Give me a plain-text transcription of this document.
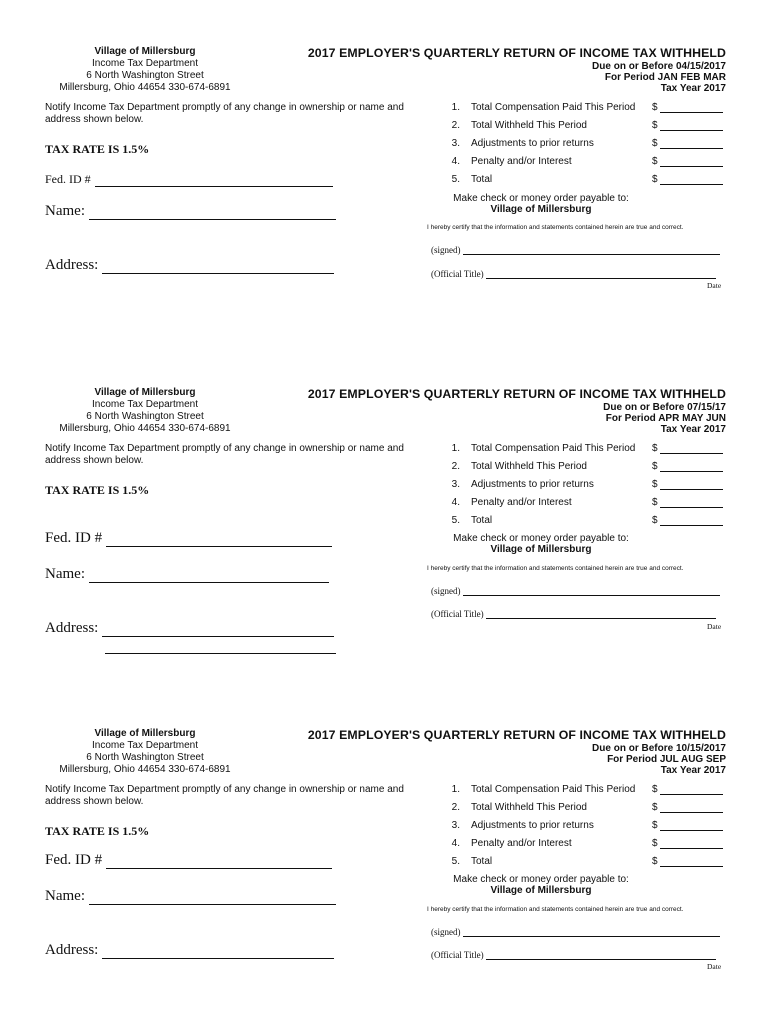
Village of Millersburg
Income Tax Department
6 North Washington Street
Millersburg, Ohio 44654 330-674-6891
2017 EMPLOYER'S QUARTERLY RETURN OF INCOME TAX WITHHELD
Due on or Before 04/15/2017
For Period JAN FEB MAR
Tax Year 2017
Notify Income Tax Department promptly of any change in ownership or name and address shown below.
TAX RATE IS 1.5%
Fed. ID #
Name:
Address:
1. Total Compensation Paid This Period $
2. Total Withheld This Period	$
3. Adjustments to prior returns	$
4. Penalty and/or Interest	$
5. Total	$
Make check or money order payable to:
Village of Millersburg
I hereby certify that the information and statements contained herein are true and correct.
(signed)
(Official Title)
Date
Village of Millersburg
Income Tax Department
6 North Washington Street
Millersburg, Ohio 44654 330-674-6891
2017 EMPLOYER'S QUARTERLY RETURN OF INCOME TAX WITHHELD
Due on or Before 07/15/17
For Period APR MAY JUN
Tax Year 2017
Notify Income Tax Department promptly of any change in ownership or name and address shown below.
TAX RATE IS 1.5%
Fed. ID #
Name:
Address:
1. Total Compensation Paid This Period $
2. Total Withheld This Period	$
3. Adjustments to prior returns	$
4. Penalty and/or Interest	$
5. Total	$
Make check or money order payable to:
Village of Millersburg
I hereby certify that the information and statements contained herein are true and correct.
(signed)
(Official Title)
Date
Village of Millersburg
Income Tax Department
6 North Washington Street
Millersburg, Ohio 44654 330-674-6891
2017 EMPLOYER'S QUARTERLY RETURN OF INCOME TAX WITHHELD
Due on or Before 10/15/2017
For Period JUL AUG SEP
Tax Year 2017
Notify Income Tax Department promptly of any change in ownership or name and address shown below.
TAX RATE IS 1.5%
Fed. ID #
Name:
Address:
1. Total Compensation Paid This Period $
2. Total Withheld This Period	$
3. Adjustments to prior returns	$
4. Penalty and/or Interest	$
5. Total	$
Make check or money order payable to:
Village of Millersburg
I hereby certify that the information and statements contained herein are true and correct.
(signed)
(Official Title)
Date
